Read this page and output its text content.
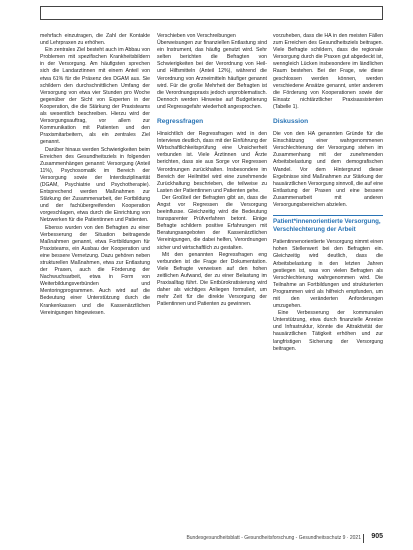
mehrfach einzutragen, die Zahl der Kontakte und Lehrpraxen zu erhöhen.

Ein zentrales Ziel besteht auch im Abbau von Problemen mit spezifischen Krankheitsbildern in der Versorgung. Am häufigsten sprechen sich die Landarztinnen mit einem Anteil von etwa 61% für die Präsenz des DGAM aus. Sie schildern den durchschnittlichen Umfang der Versorgung von etwa vier Stunden pro Woche gegenüber der Sicht von Experten in der Kooperation, die die Stärkung der Praxisteams als wesentlich beschreiben. Hierzu wird der Versorgungsauftrag, vor allem zur Kommunikation mit Patienten und den Praxismitarbeitern, als ein zentrales Ziel genannt.

Darüber hinaus werden Schwierigkeiten beim Erreichen des Gesundheitsziels in folgenden Zusammenhängen genannt: Versorgung (Anteil 11%), Psychosomatik im Bereich der Versorgung sowie der Interdisziplinarität (DGAM, Psychiatrie und Psychotherapie). Entsprechend werden Maßnahmen zur Stärkung der Zusammenarbeit, der Fortbildung und der fachübergreifenden Kooperation vorgeschlagen, etwa durch die Einrichtung von Netzwerken für die Patientinnen und Patienten.

Ebenso wurden von den Befragten zu einer Verbesserung der Situation beitragende Maßnahmen genannt, etwa Fortbildungen für Praxisteams, ein Ausbau der Kooperation und eine bessere Vernetzung. Dazu gehören neben strukturellen Maßnahmen, etwa zur Entlastung der Praxen, auch die Förderung der Nachwuchsarbeit, etwa in Form von Weiterbildungsverbünden und Mentoringprogrammen. Auch wird auf die Bedeutung einer Unterstützung durch die Krankenkassen und die Kassenärztlichen Vereinigungen hingewiesen.

Verschieben von Verschreibungen

Überweisungen zur finanziellen Entlastung sind ein Instrument, das häufig genutzt wird. Sehr selten berichten die Befragten von Schwierigkeiten bei der Verordnung von Heil- und Hilfsmitteln (Anteil 12%), während die Verordnung von Arzneimitteln häufiger genannt wird. Für die große Mehrheit der Befragten ist die Verordnungspraxis jedoch unproblematisch. Dennoch werden Hinweise auf Budgetierung und Regressgefahr wiederholt angesprochen.

Regressfragen

Hinsichtlich der Regressfragen wird in den Interviews deutlich, dass mit der Einführung der Wirtschaftlichkeitsprüfung eine Unsicherheit verbunden ist. Viele Ärztinnen und Ärzte berichten, dass sie aus Sorge vor Regressen Verordnungen zurückhalten. Insbesondere im Bereich der Heilmittel wird eine zunehmende Zurückhaltung beschrieben, die teilweise zu Lasten der Patientinnen und Patienten gehe.

Der Großteil der Befragten gibt an, dass die Angst vor Regressen die Versorgung beeinflusse. Gleichzeitig wird die Bedeutung transparenter Prüfverfahren betont. Einige Befragte schildern positive Erfahrungen mit Beratungsangeboten der Kassenärztlichen Vereinigungen, die dabei helfen, Verordnungen sicher und wirtschaftlich zu gestalten.

Mit den genannten Regressfragen eng verbunden ist die Frage der Dokumentation. Viele Befragte verweisen auf den hohen zeitlichen Aufwand, der zu einer Belastung im Praxisalltag führt. Die Entbürokratisierung wird daher als wichtiges Anliegen formuliert, um mehr Zeit für die direkte Versorgung der Patientinnen und Patienten zu gewinnen.

vorzuheben, dass die HA in den meisten Fällen zum Erreichen des Gesundheitsziels beitragen. Viele Befragte schildern, dass die regionale Versorgung durch die Praxen gut abgedeckt ist, wenngleich Lücken insbesondere im ländlichen Raum bestehen. Bei der Frage, wie diese geschlossen werden können, werden verschiedene Ansätze genannt, unter anderem die Förderung von Kooperationen sowie der Einsatz nichtärztlicher Praxisassistenten (Tabelle 1).

Diskussion

Die von den HA genannten Gründe für die Einschätzung einer wahrgenommenen Verschlechterung der Versorgung stehen im Zusammenhang mit der zunehmenden Arbeitsbelastung und dem demografischen Wandel. Vor dem Hintergrund dieser Ergebnisse sind Maßnahmen zur Stärkung der hausärztlichen Versorgung sinnvoll, die auf eine Entlastung der Praxen und eine bessere Zusammenarbeit mit anderen Versorgungsbereichen abzielen.

Patient*innenorientierte Versorgung, Verschlechterung der Arbeit

Patientinnenorientierte Versorgung nimmt einen hohen Stellenwert bei den Befragten ein. Gleichzeitig wird deutlich, dass die Arbeitsbelastung in den letzten Jahren gestiegen ist, was von vielen Befragten als Verschlechterung wahrgenommen wird. Die Teilnahme an Fortbildungen und strukturierten Programmen wird als hilfreich empfunden, um mit den veränderten Anforderungen umzugehen.

Eine Verbesserung der kommunalen Unterstützung, etwa durch finanzielle Anreize und Infrastruktur, könnte die Attraktivität der hausärztlichen Tätigkeit erhöhen und zur langfristigen Sicherung der Versorgung beitragen.

Bundesgesundheitsblatt - Gesundheitsforschung - Gesundheitsschutz 9 · 2021 905
